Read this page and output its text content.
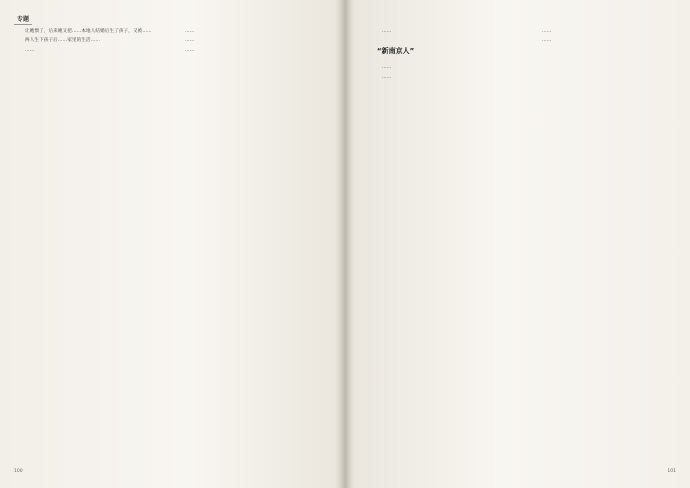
专题

让她惯了，后来她又把……本地人结婚后生了孩子，又被……

两人生下孩子后……家里的生活……

……

……

……

……

100

……

“新南京人”

……

……

……

……

101
